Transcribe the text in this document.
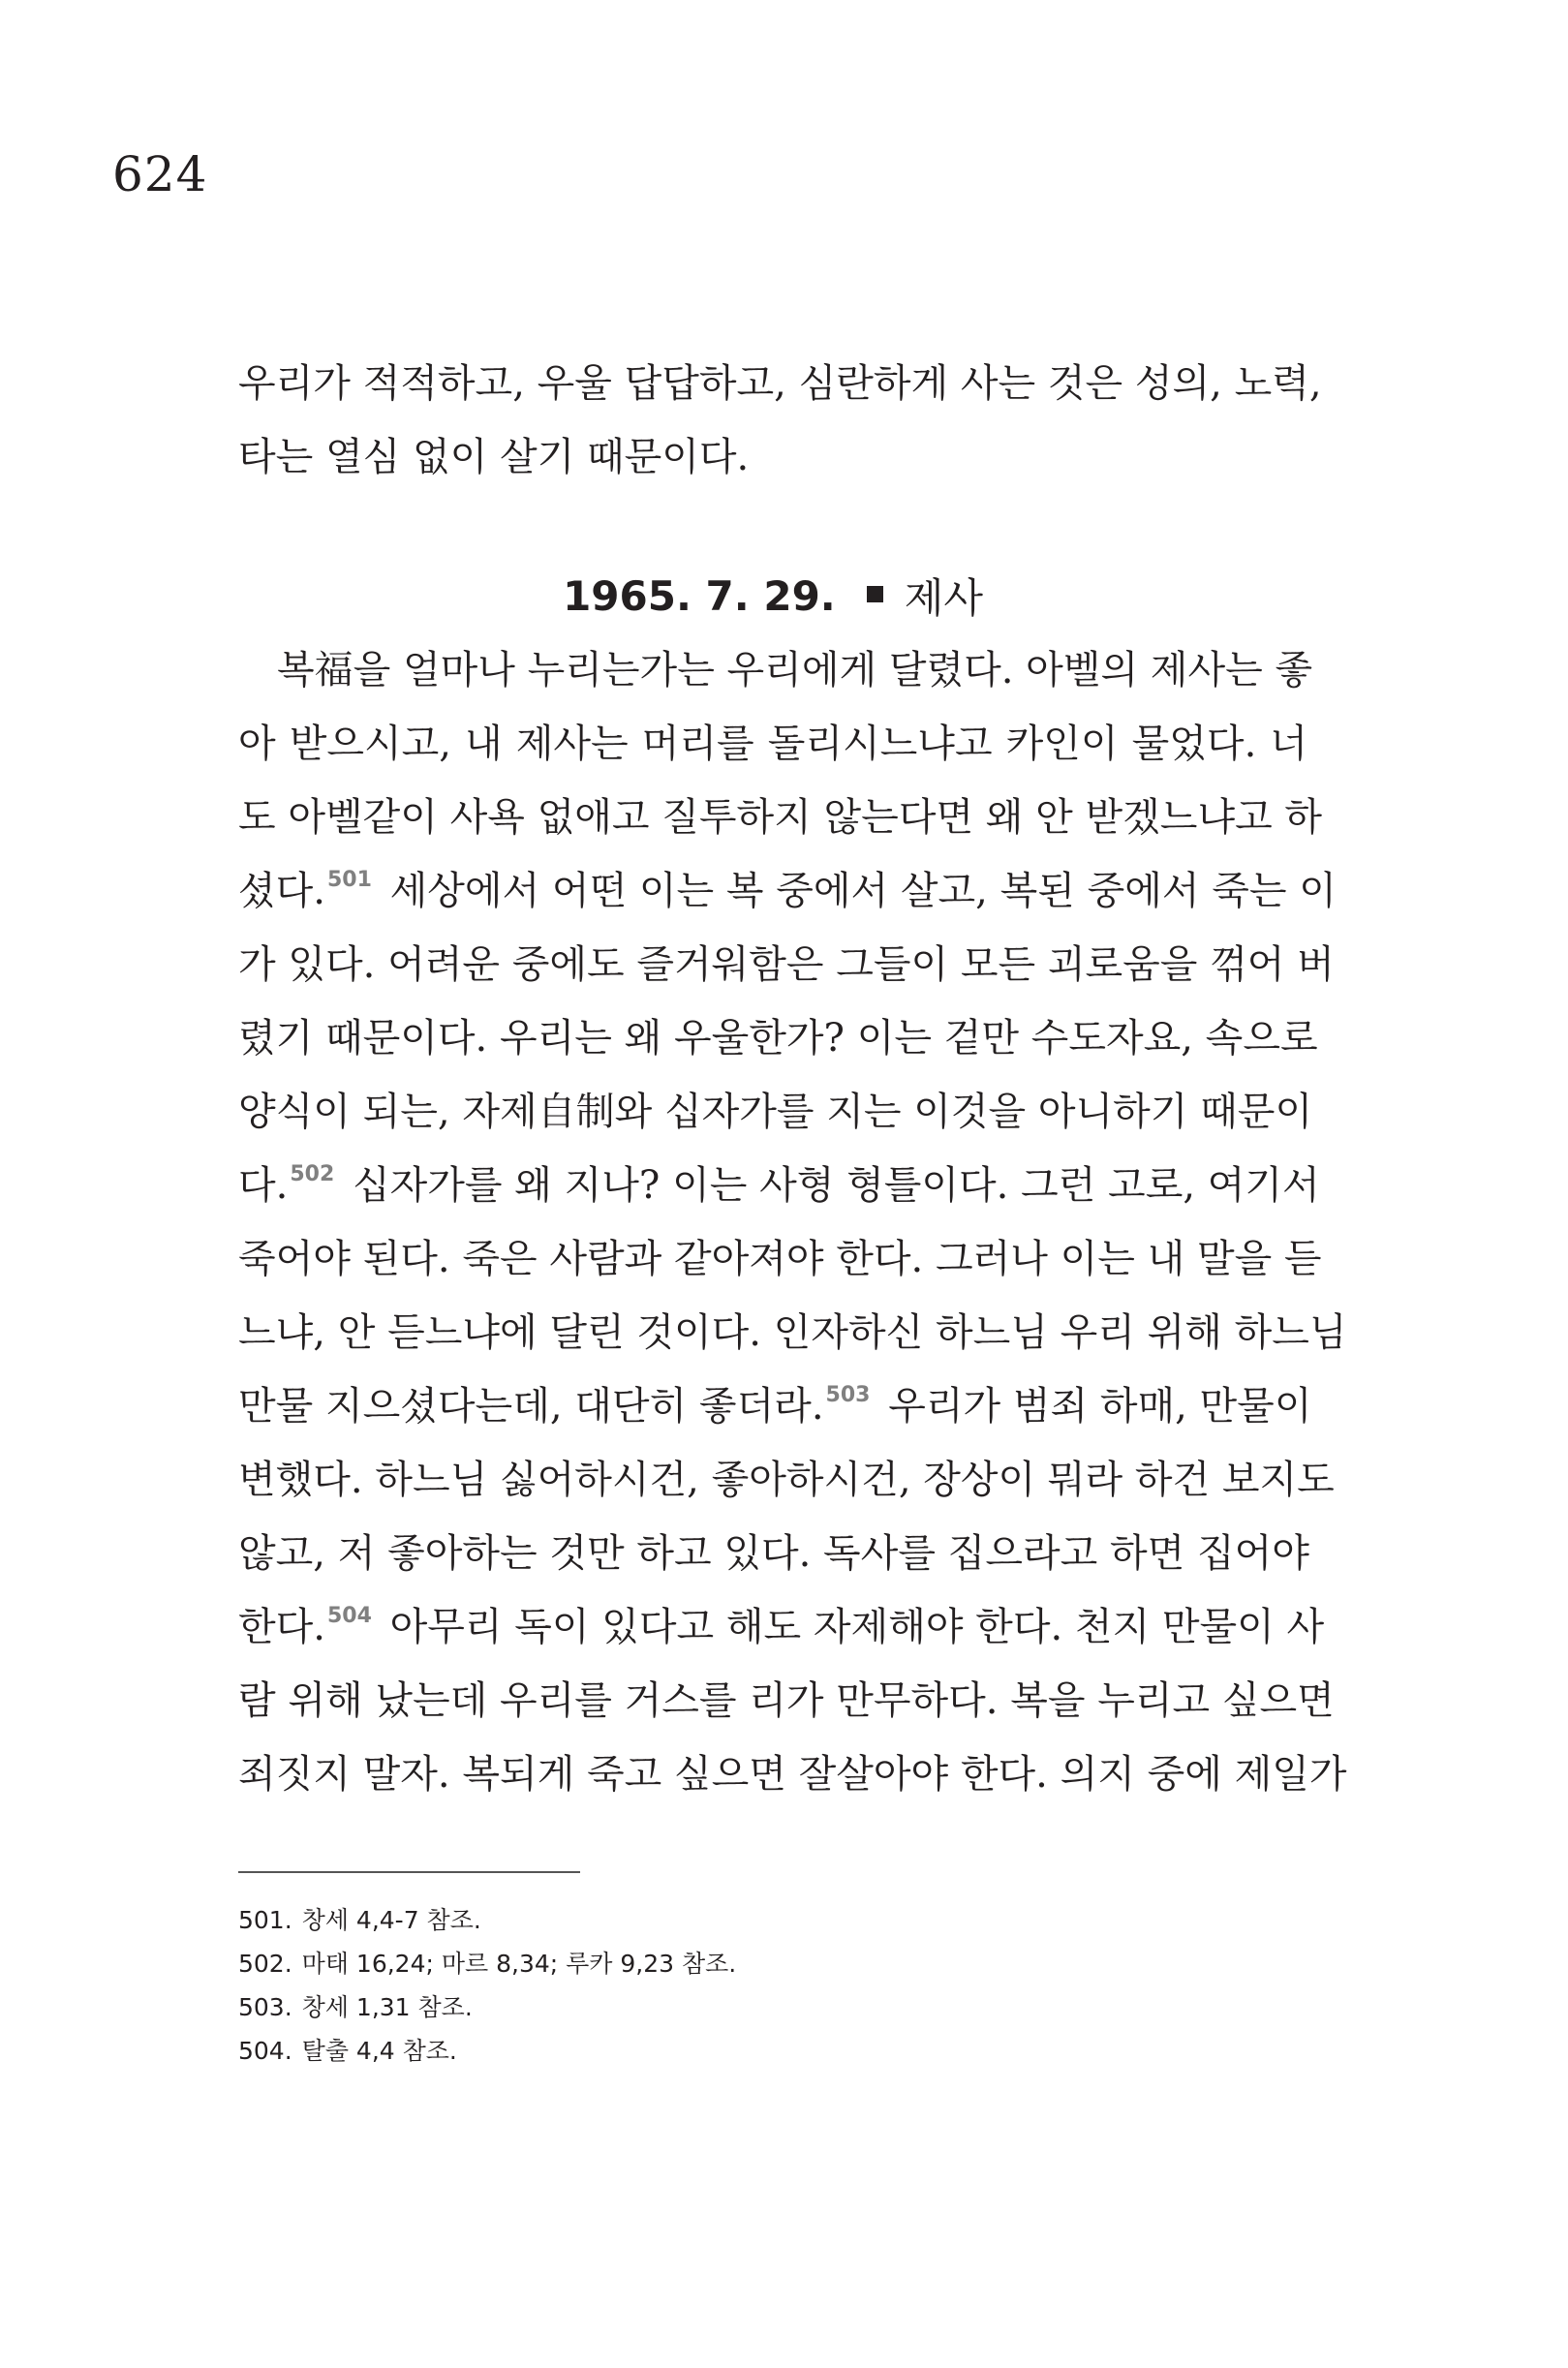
624
우리가 적적하고, 우울 답답하고, 심란하게 사는 것은 성의, 노력,
타는 열심 없이 살기 때문이다.
1965. 7. 29. 제사
　복福을 얼마나 누리는가는 우리에게 달렸다. 아벨의 제사는 좋
아 받으시고, 내 제사는 머리를 돌리시느냐고 카인이 물었다. 너
도 아벨같이 사욕 없애고 질투하지 않는다면 왜 안 받겠느냐고 하
셨다.$^{501}$ 세상에서 어떤 이는 복 중에서 살고, 복된 중에서 죽는 이
가 있다. 어려운 중에도 즐거워함은 그들이 모든 괴로움을 꺾어 버
렸기 때문이다. 우리는 왜 우울한가? 이는 겉만 수도자요, 속으로
양식이 되는, 자제自制와 십자가를 지는 이것을 아니하기 때문이
다.$^{502}$ 십자가를 왜 지나? 이는 사형 형틀이다. 그런 고로, 여기서
죽어야 된다. 죽은 사람과 같아져야 한다. 그러나 이는 내 말을 듣
느냐, 안 듣느냐에 달린 것이다. 인자하신 하느님 우리 위해 하느님
만물 지으셨다는데, 대단히 좋더라.$^{503}$ 우리가 범죄 하매, 만물이
변했다. 하느님 싫어하시건, 좋아하시건, 장상이 뭐라 하건 보지도
않고, 저 좋아하는 것만 하고 있다. 독사를 집으라고 하면 집어야
한다.$^{504}$ 아무리 독이 있다고 해도 자제해야 한다. 천지 만물이 사
람 위해 났는데 우리를 거스를 리가 만무하다. 복을 누리고 싶으면
죄짓지 말자. 복되게 죽고 싶으면 잘살아야 한다. 의지 중에 제일가
501. 창세 4,4-7 참조.
502. 마태 16,24; 마르 8,34; 루카 9,23 참조.
503. 창세 1,31 참조.
504. 탈출 4,4 참조.
